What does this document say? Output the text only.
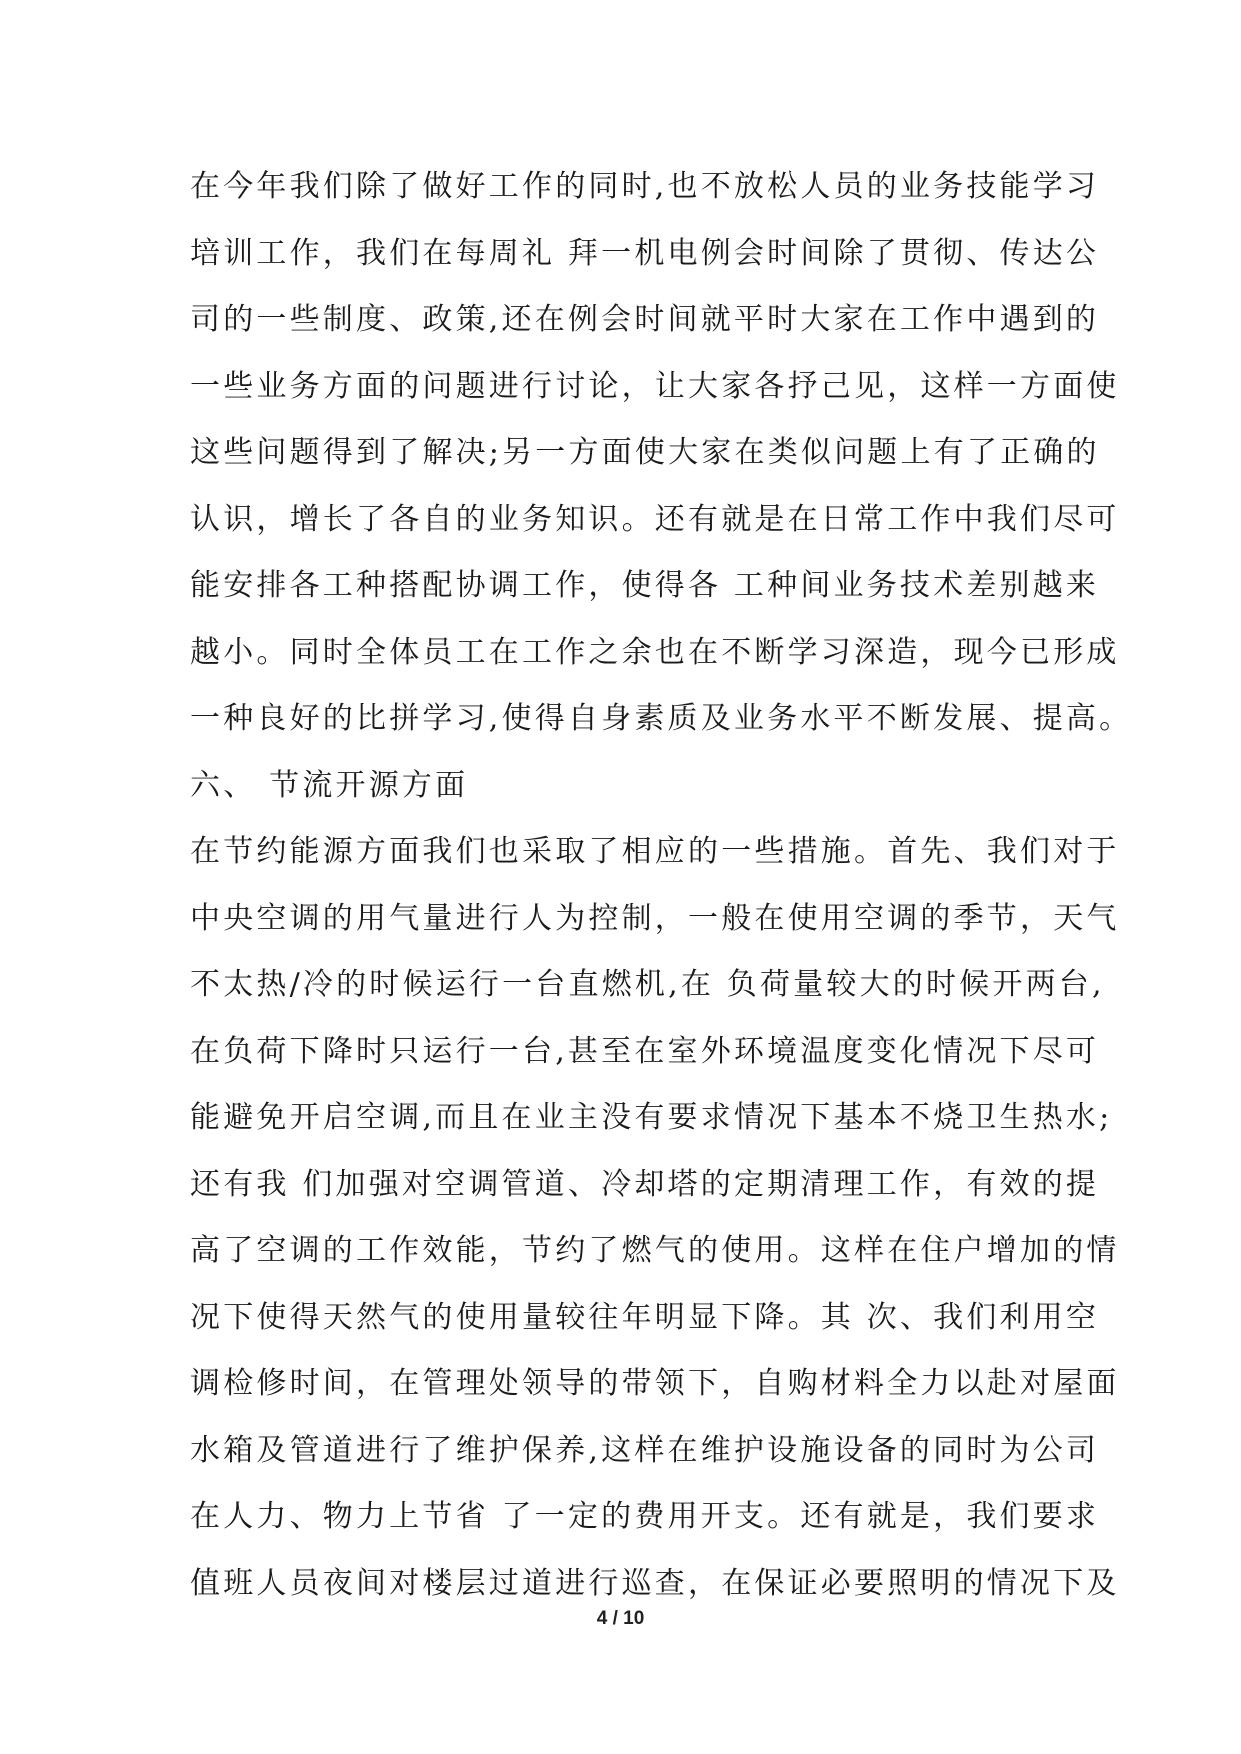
在今年我们除了做好工作的同时,也不放松人员的业务技能学习
培训工作，我们在每周礼 拜一机电例会时间除了贯彻、传达公
司的一些制度、政策,还在例会时间就平时大家在工作中遇到的
一些业务方面的问题进行讨论，让大家各抒己见，这样一方面使
这些问题得到了解决;另一方面使大家在类似问题上有了正确的
认识，增长了各自的业务知识。还有就是在日常工作中我们尽可
能安排各工种搭配协调工作，使得各 工种间业务技术差别越来
越小。同时全体员工在工作之余也在不断学习深造，现今已形成
一种良好的比拼学习,使得自身素质及业务水平不断发展、提高。
六、 节流开源方面
在节约能源方面我们也采取了相应的一些措施。首先、我们对于
中央空调的用气量进行人为控制，一般在使用空调的季节，天气
不太热/冷的时候运行一台直燃机,在 负荷量较大的时候开两台,
在负荷下降时只运行一台,甚至在室外环境温度变化情况下尽可
能避免开启空调,而且在业主没有要求情况下基本不烧卫生热水;
还有我 们加强对空调管道、冷却塔的定期清理工作，有效的提
高了空调的工作效能，节约了燃气的使用。这样在住户增加的情
况下使得天然气的使用量较往年明显下降。其 次、我们利用空
调检修时间，在管理处领导的带领下，自购材料全力以赴对屋面
水箱及管道进行了维护保养,这样在维护设施设备的同时为公司
在人力、物力上节省 了一定的费用开支。还有就是，我们要求
值班人员夜间对楼层过道进行巡查，在保证必要照明的情况下及
4 / 10
